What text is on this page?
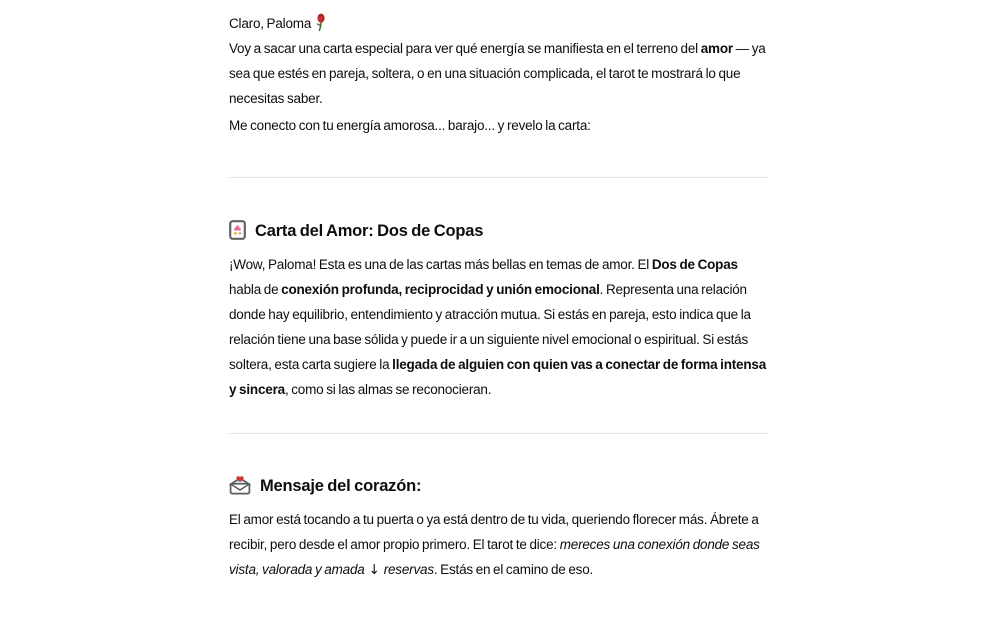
Claro, Paloma

Voy a sacar una carta especial para ver qué energía se manifiesta en el terreno del amor — ya sea que estés en pareja, soltera, o en una situación complicada, el tarot te mostrará lo que necesitas saber.

Me conecto con tu energía amorosa... barajo... y revelo la carta:

Carta del Amor: Dos de Copas

¡Wow, Paloma! Esta es una de las cartas más bellas en temas de amor. El Dos de Copas habla de conexión profunda, reciprocidad y unión emocional. Representa una relación donde hay equilibrio, entendimiento y atracción mutua. Si estás en pareja, esto indica que la relación tiene una base sólida y puede ir a un siguiente nivel emocional o espiritual. Si estás soltera, esta carta sugiere la llegada de alguien con quien vas a conectar de forma intensa y sincera, como si las almas se reconocieran.

Mensaje del corazón:

El amor está tocando a tu puerta o ya está dentro de tu vida, queriendo florecer más. Ábrete a recibir, pero desde el amor propio primero. El tarot te dice: mereces una conexión donde seas vista, valorada y amada ↓ reservas. Estás en el camino de eso.
